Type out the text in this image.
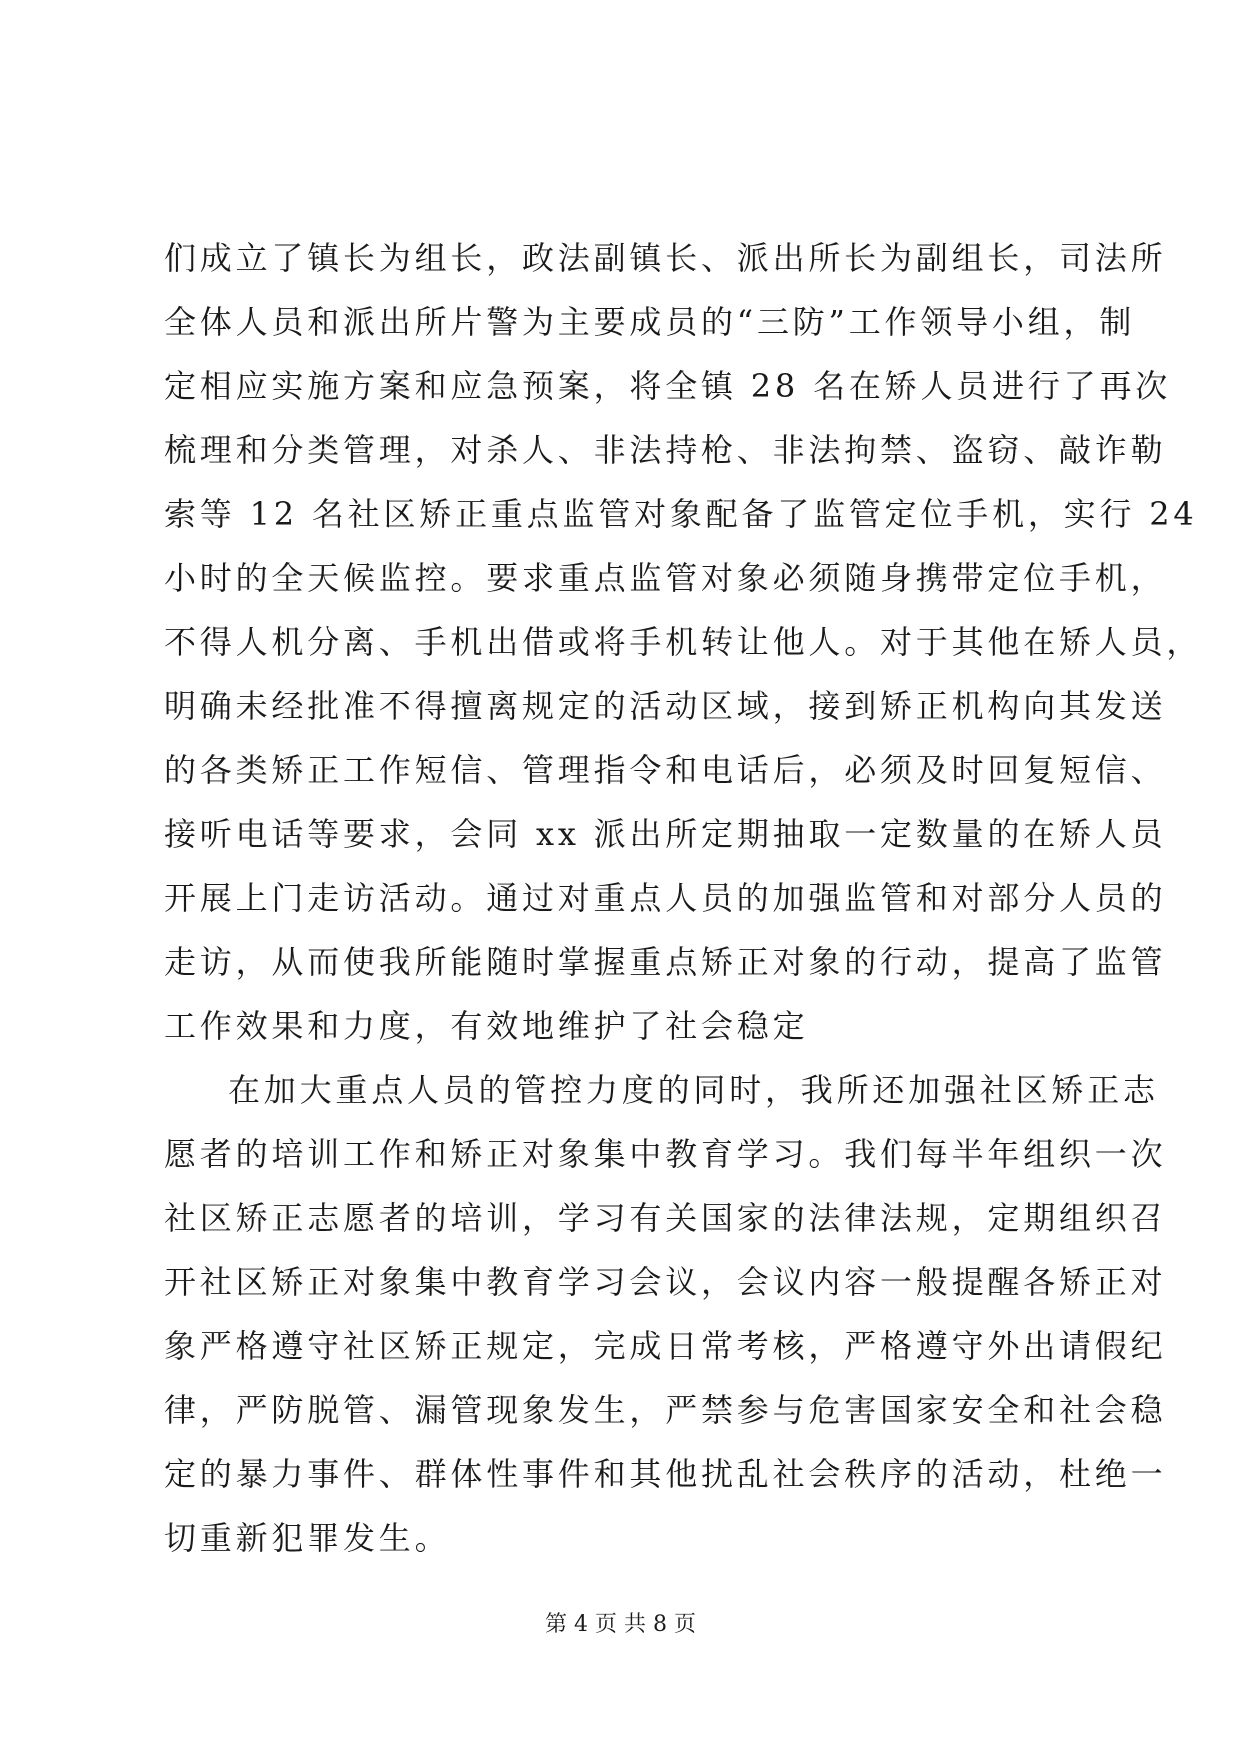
们成立了镇长为组长，政法副镇长、派出所长为副组长，司法所
全体人员和派出所片警为主要成员的“三防”工作领导小组，制
定相应实施方案和应急预案，将全镇 28 名在矫人员进行了再次
梳理和分类管理，对杀人、非法持枪、非法拘禁、盗窃、敲诈勒
索等 12 名社区矫正重点监管对象配备了监管定位手机，实行 24
小时的全天候监控。要求重点监管对象必须随身携带定位手机，
不得人机分离、手机出借或将手机转让他人。对于其他在矫人员，
明确未经批准不得擅离规定的活动区域，接到矫正机构向其发送
的各类矫正工作短信、管理指令和电话后，必须及时回复短信、
接听电话等要求，会同 xx 派出所定期抽取一定数量的在矫人员
开展上门走访活动。通过对重点人员的加强监管和对部分人员的
走访，从而使我所能随时掌握重点矫正对象的行动，提高了监管
工作效果和力度，有效地维护了社会稳定
在加大重点人员的管控力度的同时，我所还加强社区矫正志
愿者的培训工作和矫正对象集中教育学习。我们每半年组织一次
社区矫正志愿者的培训，学习有关国家的法律法规，定期组织召
开社区矫正对象集中教育学习会议，会议内容一般提醒各矫正对
象严格遵守社区矫正规定，完成日常考核，严格遵守外出请假纪
律，严防脱管、漏管现象发生，严禁参与危害国家安全和社会稳
定的暴力事件、群体性事件和其他扰乱社会秩序的活动，杜绝一
切重新犯罪发生。
第 4 页 共 8 页
